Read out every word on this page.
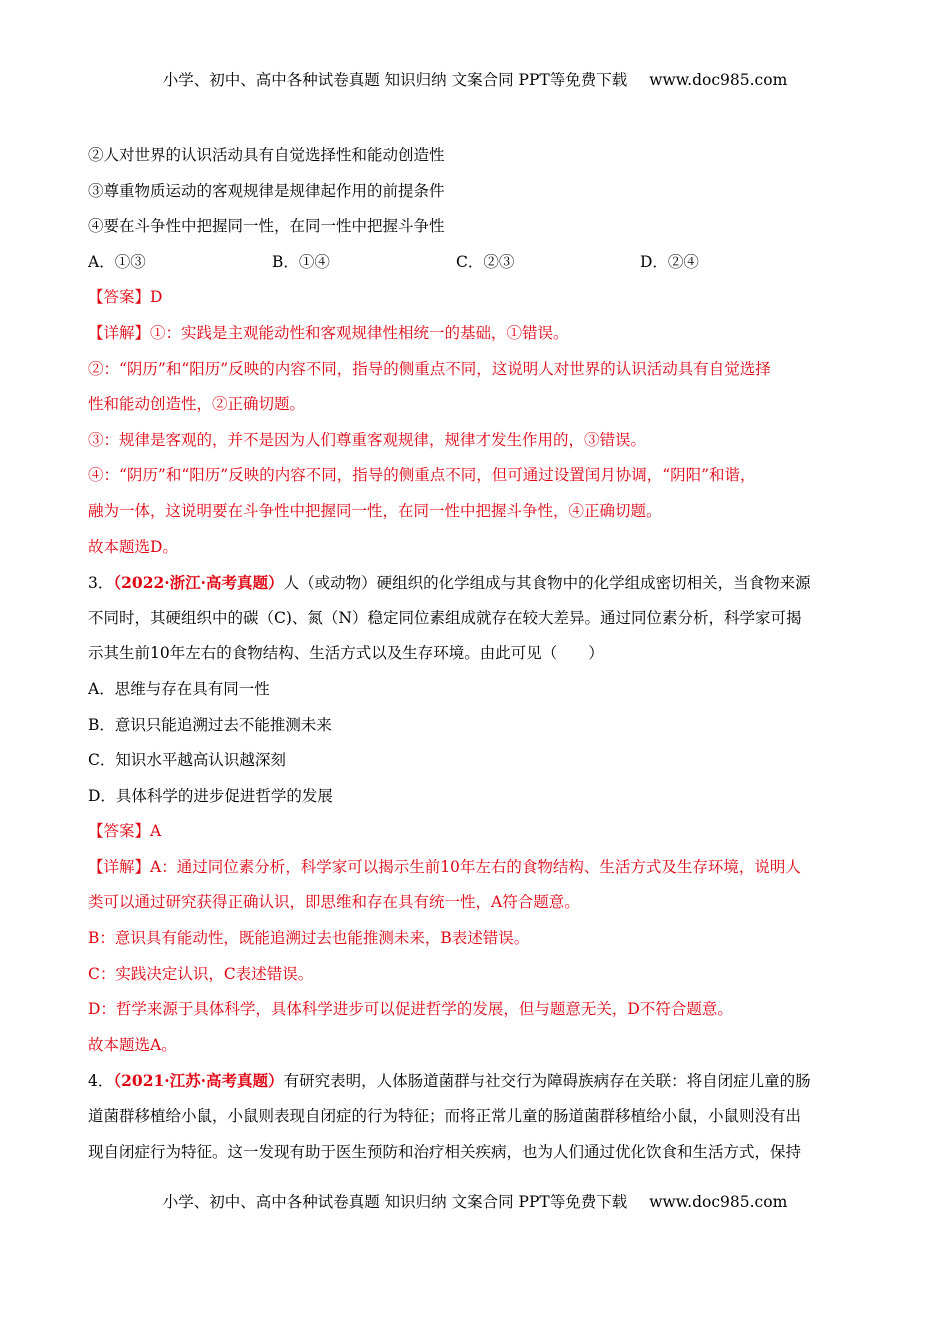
小学、初中、高中各种试卷真题 知识归纳 文案合同 PPT等免费下载 www.doc985.com
②人对世界的认识活动具有自觉选择性和能动创造性
③尊重物质运动的客观规律是规律起作用的前提条件
④要在斗争性中把握同一性，在同一性中把握斗争性
A．①③	B．①④	C．②③	D．②④
【答案】D
【详解】①：实践是主观能动性和客观规律性相统一的基础，①错误。
②：“阴历”和“阳历”反映的内容不同，指导的侧重点不同，这说明人对世界的认识活动具有自觉选择
性和能动创造性，②正确切题。
③：规律是客观的，并不是因为人们尊重客观规律，规律才发生作用的，③错误。
④：“阴历”和“阳历”反映的内容不同，指导的侧重点不同，但可通过设置闰月协调，“阴阳”和谐，
融为一体，这说明要在斗争性中把握同一性，在同一性中把握斗争性，④正确切题。
故本题选D。
3．（2022·浙江·高考真题）人（或动物）硬组织的化学组成与其食物中的化学组成密切相关，当食物来源
不同时，其硬组织中的碳（C)、氮（N）稳定同位素组成就存在较大差异。通过同位素分析，科学家可揭
示其生前10年左右的食物结构、生活方式以及生存环境。由此可见（　　）
A．思维与存在具有同一性
B．意识只能追溯过去不能推测未来
C．知识水平越高认识越深刻
D．具体科学的进步促进哲学的发展
【答案】A
【详解】A：通过同位素分析，科学家可以揭示生前10年左右的食物结构、生活方式及生存环境，说明人
类可以通过研究获得正确认识，即思维和存在具有统一性，A符合题意。
B：意识具有能动性，既能追溯过去也能推测未来，B表述错误。
C：实践决定认识，C表述错误。
D：哲学来源于具体科学，具体科学进步可以促进哲学的发展，但与题意无关，D不符合题意。
故本题选A。
4．（2021·江苏·高考真题）有研究表明，人体肠道菌群与社交行为障碍族病存在关联：将自闭症儿童的肠
道菌群移植给小鼠，小鼠则表现自闭症的行为特征；而将正常儿童的肠道菌群移植给小鼠，小鼠则没有出
现自闭症行为特征。这一发现有助于医生预防和治疗相关疾病，也为人们通过优化饮食和生活方式，保持
小学、初中、高中各种试卷真题 知识归纳 文案合同 PPT等免费下载 www.doc985.com
